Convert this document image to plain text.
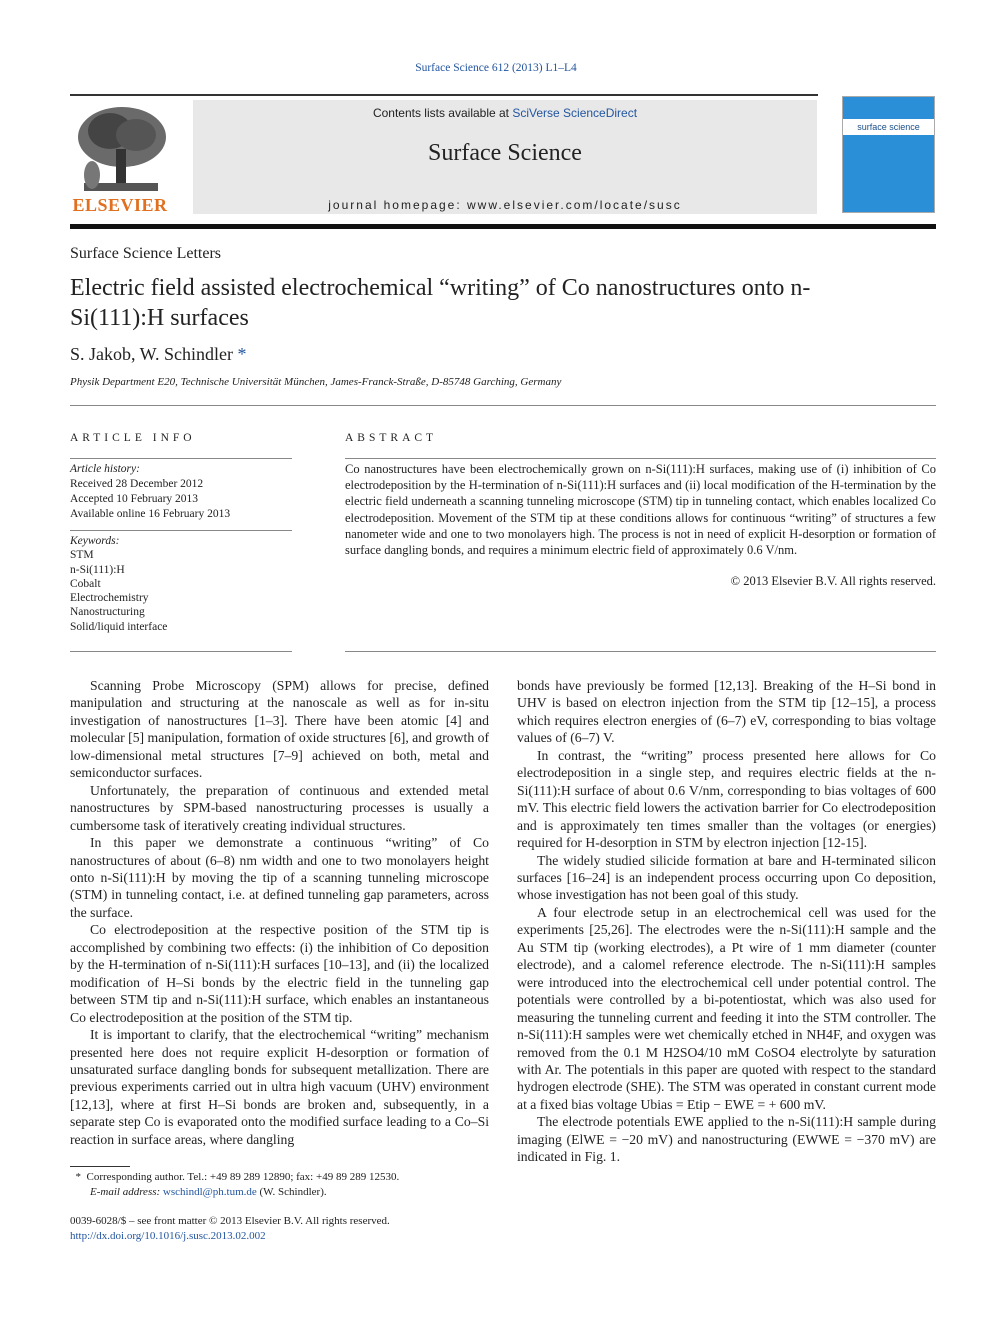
Surface Science 612 (2013) L1–L4
ELSEVIER
Contents lists available at SciVerse ScienceDirect
Surface Science
journal homepage: www.elsevier.com/locate/susc
surface science
Surface Science Letters
Electric field assisted electrochemical “writing” of Co nanostructures onto n-Si(111):H surfaces
S. Jakob, W. Schindler *
Physik Department E20, Technische Universität München, James-Franck-Straße, D-85748 Garching, Germany
ARTICLE INFO	ABSTRACT
Article history:
Received 28 December 2012
Accepted 10 February 2013
Available online 16 February 2013
Keywords:
STM
n-Si(111):H
Cobalt
Electrochemistry
Nanostructuring
Solid/liquid interface
Co nanostructures have been electrochemically grown on n-Si(111):H surfaces, making use of (i) inhibition of Co electrodeposition by the H-termination of n-Si(111):H surfaces and (ii) local modification of the H-termination by the electric field underneath a scanning tunneling microscope (STM) tip in tunneling contact, which enables localized Co electrodeposition. Movement of the STM tip at these conditions allows for continuous “writing” of structures a few nanometer wide and one to two monolayers high. The process is not in need of explicit H-desorption or formation of surface dangling bonds, and requires a minimum electric field of approximately 0.6 V/nm.
© 2013 Elsevier B.V. All rights reserved.

Scanning Probe Microscopy (SPM) allows for precise, defined manipulation and structuring at the nanoscale as well as for in-situ investigation of nanostructures [1–3]. There have been atomic [4] and molecular [5] manipulation, formation of oxide structures [6], and growth of low-dimensional metal structures [7–9] achieved on both, metal and semiconductor surfaces.

Unfortunately, the preparation of continuous and extended metal nanostructures by SPM-based nanostructuring processes is usually a cumbersome task of iteratively creating individual structures.

In this paper we demonstrate a continuous “writing” of Co nanostructures of about (6–8) nm width and one to two monolayers height onto n-Si(111):H by moving the tip of a scanning tunneling microscope (STM) in tunneling contact, i.e. at defined tunneling gap parameters, across the surface.

Co electrodeposition at the respective position of the STM tip is accomplished by combining two effects: (i) the inhibition of Co deposition by the H-termination of n-Si(111):H surfaces [10–13], and (ii) the localized modification of H–Si bonds by the electric field in the tunneling gap between STM tip and n-Si(111):H surface, which enables an instantaneous Co electrodeposition at the position of the STM tip.

It is important to clarify, that the electrochemical “writing” mechanism presented here does not require explicit H-desorption or formation of unsaturated surface dangling bonds for subsequent metallization. There are previous experiments carried out in ultra high vacuum (UHV) environment [12,13], where at first H–Si bonds are broken and, subsequently, in a separate step Co is evaporated onto the modified surface leading to a Co–Si reaction in surface areas, where dangling

bonds have previously be formed [12,13]. Breaking of the H–Si bond in UHV is based on electron injection from the STM tip [12–15], a process which requires electron energies of (6–7) eV, corresponding to bias voltage values of (6–7) V.

In contrast, the “writing” process presented here allows for Co electrodeposition in a single step, and requires electric fields at the n-Si(111):H surface of about 0.6 V/nm, corresponding to bias voltages of 600 mV. This electric field lowers the activation barrier for Co electrodeposition and is approximately ten times smaller than the voltages (or energies) required for H-desorption in STM by electron injection [12-15].

The widely studied silicide formation at bare and H-terminated silicon surfaces [16–24] is an independent process occurring upon Co deposition, whose investigation has not been goal of this study.

A four electrode setup in an electrochemical cell was used for the experiments [25,26]. The electrodes were the n-Si(111):H sample and the Au STM tip (working electrodes), a Pt wire of 1 mm diameter (counter electrode), and a calomel reference electrode. The n-Si(111):H samples were introduced into the electrochemical cell under potential control. The potentials were controlled by a bi-potentiostat, which was also used for measuring the tunneling current and feeding it into the STM controller. The n-Si(111):H samples were wet chemically etched in NH4F, and oxygen was removed from the 0.1 M H2SO4/10 mM CoSO4 electrolyte by saturation with Ar. The potentials in this paper are quoted with respect to the standard hydrogen electrode (SHE). The STM was operated in constant current mode at a fixed bias voltage Ubias = Etip − EWE = + 600 mV.

The electrode potentials EWE applied to the n-Si(111):H sample during imaging (ElWE = −20 mV) and nanostructuring (EWWE = −370 mV) are indicated in Fig. 1.

* Corresponding author. Tel.: +49 89 289 12890; fax: +49 89 289 12530.
E-mail address: wschindl@ph.tum.de (W. Schindler).
0039-6028/$ – see front matter © 2013 Elsevier B.V. All rights reserved.
http://dx.doi.org/10.1016/j.susc.2013.02.002
